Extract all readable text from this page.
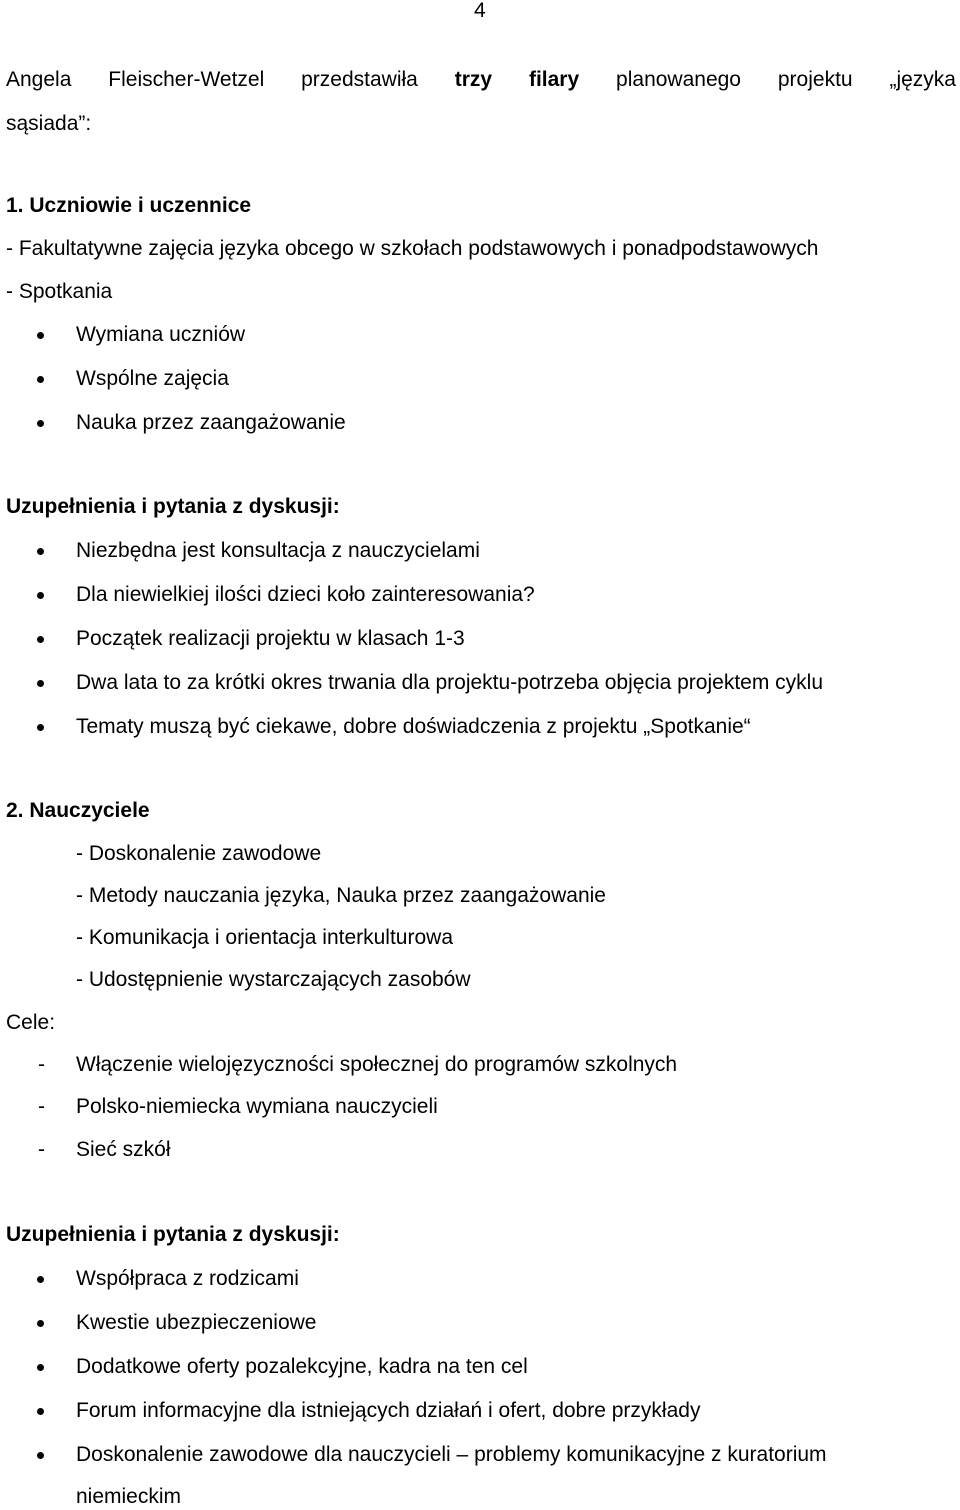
4
Angela Fleischer-Wetzel przedstawiła trzy filary planowanego projektu „języka
sąsiada”:
1. Uczniowie i uczennice
- Fakultatywne zajęcia języka obcego w szkołach podstawowych i ponadpodstawowych
- Spotkania
Wymiana uczniów
Wspólne zajęcia
Nauka przez zaangażowanie
Uzupełnienia i pytania z dyskusji:
Niezbędna jest konsultacja z nauczycielami
Dla niewielkiej ilości dzieci koło zainteresowania?
Początek realizacji projektu w klasach 1-3
Dwa lata to za krótki okres trwania dla projektu-potrzeba objęcia projektem cyklu
Tematy muszą być ciekawe, dobre doświadczenia z projektu „Spotkanie“
2. Nauczyciele
- Doskonalenie zawodowe
- Metody nauczania języka, Nauka przez zaangażowanie
- Komunikacja i orientacja interkulturowa
- Udostępnienie wystarczających zasobów
Cele:
- Włączenie wielojęzyczności społecznej do programów szkolnych
- Polsko-niemiecka wymiana nauczycieli
- Sieć szkół
Uzupełnienia i pytania z dyskusji:
Współpraca z rodzicami
Kwestie ubezpieczeniowe
Dodatkowe oferty pozalekcyjne, kadra na ten cel
Forum informacyjne dla istniejących działań i ofert, dobre przykłady
Doskonalenie zawodowe dla nauczycieli – problemy komunikacyjne z kuratorium
niemieckim
